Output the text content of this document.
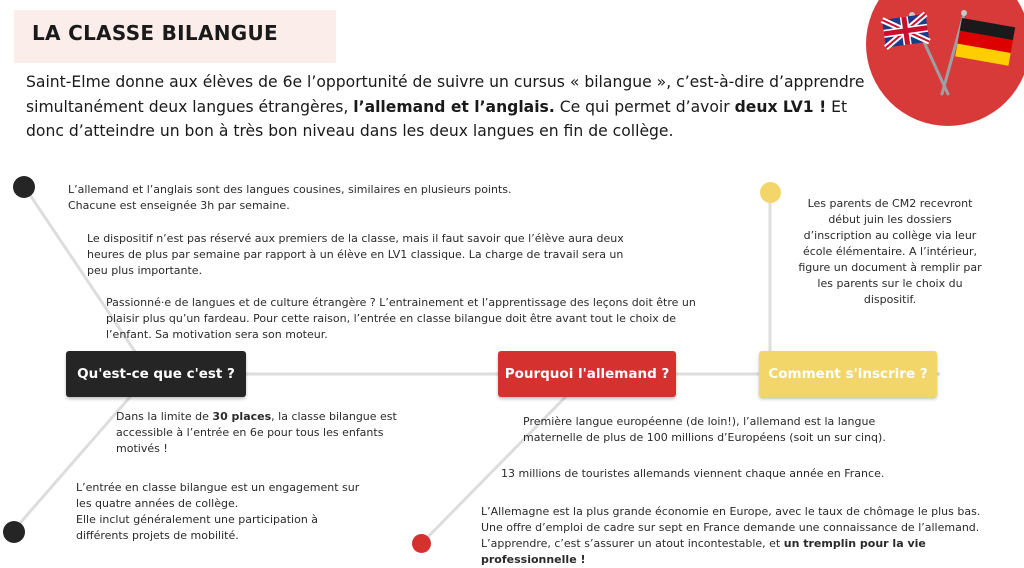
LA CLASSE BILANGUE

Saint-Elme donne aux élèves de 6e l’opportunité de suivre un cursus « bilangue », c’est-à-dire d’apprendre simultanément deux langues étrangères, l’allemand et l’anglais. Ce qui permet d’avoir deux LV1 ! Et donc d’atteindre un bon à très bon niveau dans les deux langues en fin de collège.

L’allemand et l’anglais sont des langues cousines, similaires en plusieurs points.
Chacune est enseignée 3h par semaine.
Le dispositif n’est pas réservé aux premiers de la classe, mais il faut savoir que l’élève aura deux
heures de plus par semaine par rapport à un élève en LV1 classique. La charge de travail sera un
peu plus importante.
Passionné·e de langues et de culture étrangère ? L’entrainement et l’apprentissage des leçons doit être un
plaisir plus qu’un fardeau. Pour cette raison, l’entrée en classe bilangue doit être avant tout le choix de
l’enfant. Sa motivation sera son moteur.
Qu'est-ce que c'est ?	Pourquoi l'allemand ?	Comment s'inscrire ?
Dans la limite de 30 places, la classe bilangue est
accessible à l’entrée en 6e pour tous les enfants
motivés !
L’entrée en classe bilangue est un engagement sur
les quatre années de collège.
Elle inclut généralement une participation à
différents projets de mobilité.
Première langue européenne (de loin!), l’allemand est la langue
maternelle de plus de 100 millions d’Européens (soit un sur cinq).
13 millions de touristes allemands viennent chaque année en France.
L’Allemagne est la plus grande économie en Europe, avec le taux de chômage le plus bas.
Une offre d’emploi de cadre sur sept en France demande une connaissance de l’allemand.
L’apprendre, c’est s’assurer un atout incontestable, et un tremplin pour la vie professionnelle !
Les parents de CM2 recevront
début juin les dossiers
d’inscription au collège via leur
école élémentaire. A l’intérieur,
figure un document à remplir par
les parents sur le choix du
dispositif.
